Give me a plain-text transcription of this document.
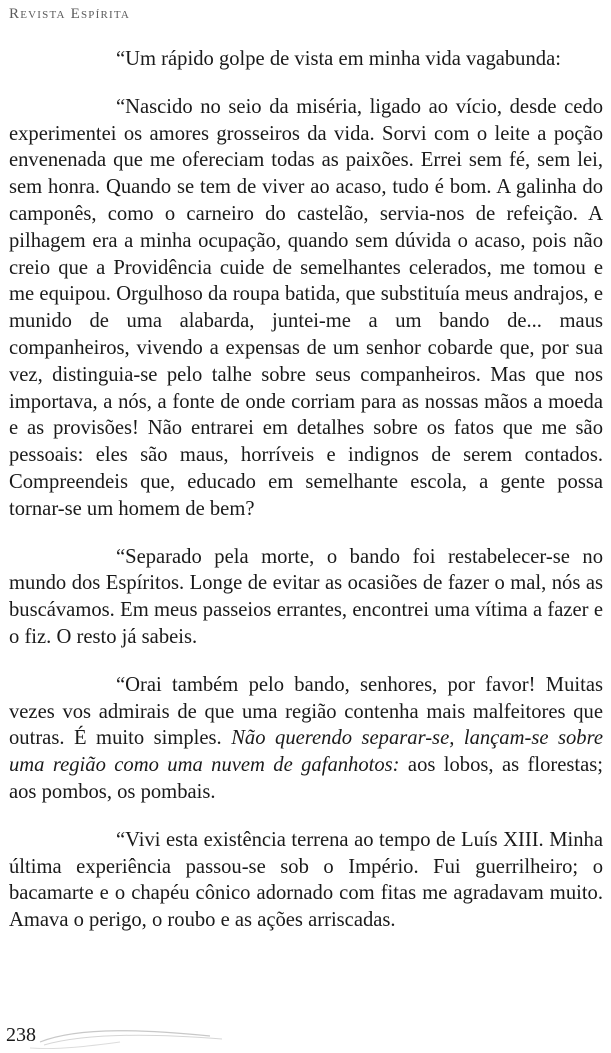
Revista Espírita

“Um rápido golpe de vista em minha vida vagabunda:

“Nascido no seio da miséria, ligado ao vício, desde cedo experimentei os amores grosseiros da vida. Sorvi com o leite a poção envenenada que me ofereciam todas as paixões. Errei sem fé, sem lei, sem honra. Quando se tem de viver ao acaso, tudo é bom. A galinha do camponês, como o carneiro do castelão, servia-nos de refeição. A pilhagem era a minha ocupação, quando sem dúvida o acaso, pois não creio que a Providência cuide de semelhantes celerados, me tomou e me equipou. Orgulhoso da roupa batida, que substituía meus andrajos, e munido de uma alabarda, juntei-me a um bando de... maus companheiros, vivendo a expensas de um senhor cobarde que, por sua vez, distinguia-se pelo talhe sobre seus companheiros. Mas que nos importava, a nós, a fonte de onde corriam para as nossas mãos a moeda e as provisões! Não entrarei em detalhes sobre os fatos que me são pessoais: eles são maus, horríveis e indignos de serem contados. Compreendeis que, educado em semelhante escola, a gente possa tornar-se um homem de bem?

“Separado pela morte, o bando foi restabelecer-se no mundo dos Espíritos. Longe de evitar as ocasiões de fazer o mal, nós as buscávamos. Em meus passeios errantes, encontrei uma vítima a fazer e o fiz. O resto já sabeis.

“Orai também pelo bando, senhores, por favor! Muitas vezes vos admirais de que uma região contenha mais malfeitores que outras. É muito simples. Não querendo separar-se, lançam-se sobre uma região como uma nuvem de gafanhotos: aos lobos, as florestas; aos pombos, os pombais.

“Vivi esta existência terrena ao tempo de Luís XIII. Minha última experiência passou-se sob o Império. Fui guerrilheiro; o bacamarte e o chapéu cônico adornado com fitas me agradavam muito. Amava o perigo, o roubo e as ações arriscadas.

238
